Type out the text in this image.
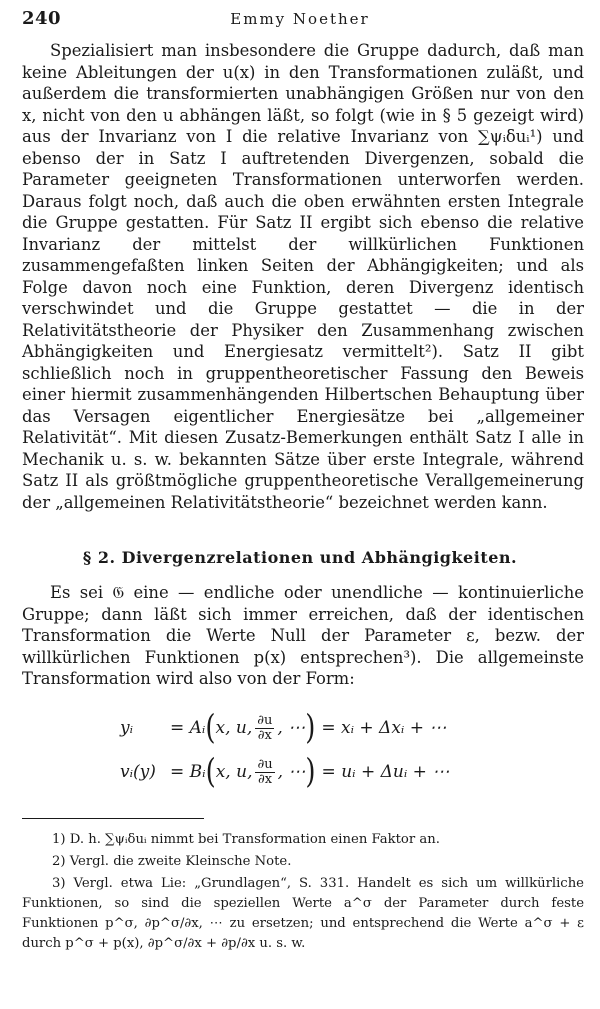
240	Emmy Noether

Spezialisiert man insbesondere die Gruppe dadurch, daß man keine Ableitungen der u(x) in den Transformationen zuläßt, und außerdem die transformierten unabhängigen Größen nur von den x, nicht von den u abhängen läßt, so folgt (wie in § 5 gezeigt wird) aus der Invarianz von I die relative Invarianz von ∑ψᵢδuᵢ¹) und ebenso der in Satz I auftretenden Divergenzen, sobald die Parameter geeigneten Transformationen unterworfen werden. Daraus folgt noch, daß auch die oben erwähnten ersten Integrale die Gruppe gestatten. Für Satz II ergibt sich ebenso die relative Invarianz der mittelst der willkürlichen Funktionen zusammengefaßten linken Seiten der Abhängigkeiten; und als Folge davon noch eine Funktion, deren Divergenz identisch verschwindet und die Gruppe gestattet — die in der Relativitätstheorie der Physiker den Zusammenhang zwischen Abhängigkeiten und Energiesatz vermittelt²). Satz II gibt schließlich noch in gruppentheoretischer Fassung den Beweis einer hiermit zusammenhängenden Hilbertschen Behauptung über das Versagen eigentlicher Energiesätze bei „allgemeiner Relativität“. Mit diesen Zusatz-Bemerkungen enthält Satz I alle in Mechanik u. s. w. bekannten Sätze über erste Integrale, während Satz II als größtmögliche gruppentheoretische Verallgemeinerung der „allgemeinen Relativitätstheorie“ bezeichnet werden kann.

§ 2. Divergenzrelationen und Abhängigkeiten.

Es sei 𝔊 eine — endliche oder unendliche — kontinuierliche Gruppe; dann läßt sich immer erreichen, daß der identischen Transformation die Werte Null der Parameter ε, bezw. der willkürlichen Funktionen p(x) entsprechen³). Die allgemeinste Transformation wird also von der Form:

yᵢ	= Aᵢ ( x, u, $\frac{\partial u}{\partial x}$ , ⋯ ) = xᵢ + Δxᵢ + ⋯
vᵢ(y) = Bᵢ ( x, u, $\frac{\partial u}{\partial x}$ , ⋯ ) = uᵢ + Δuᵢ + ⋯

1) D. h. ∑ψᵢδuᵢ nimmt bei Transformation einen Faktor an.

2) Vergl. die zweite Kleinsche Note.

3) Vergl. etwa Lie: „Grundlagen“, S. 331. Handelt es sich um willkürliche Funktionen, so sind die speziellen Werte a^σ der Parameter durch feste Funktionen p^σ, ∂p^σ/∂x, ⋯ zu ersetzen; und entsprechend die Werte a^σ + ε durch p^σ + p(x), ∂p^σ/∂x + ∂p/∂x u. s. w.
